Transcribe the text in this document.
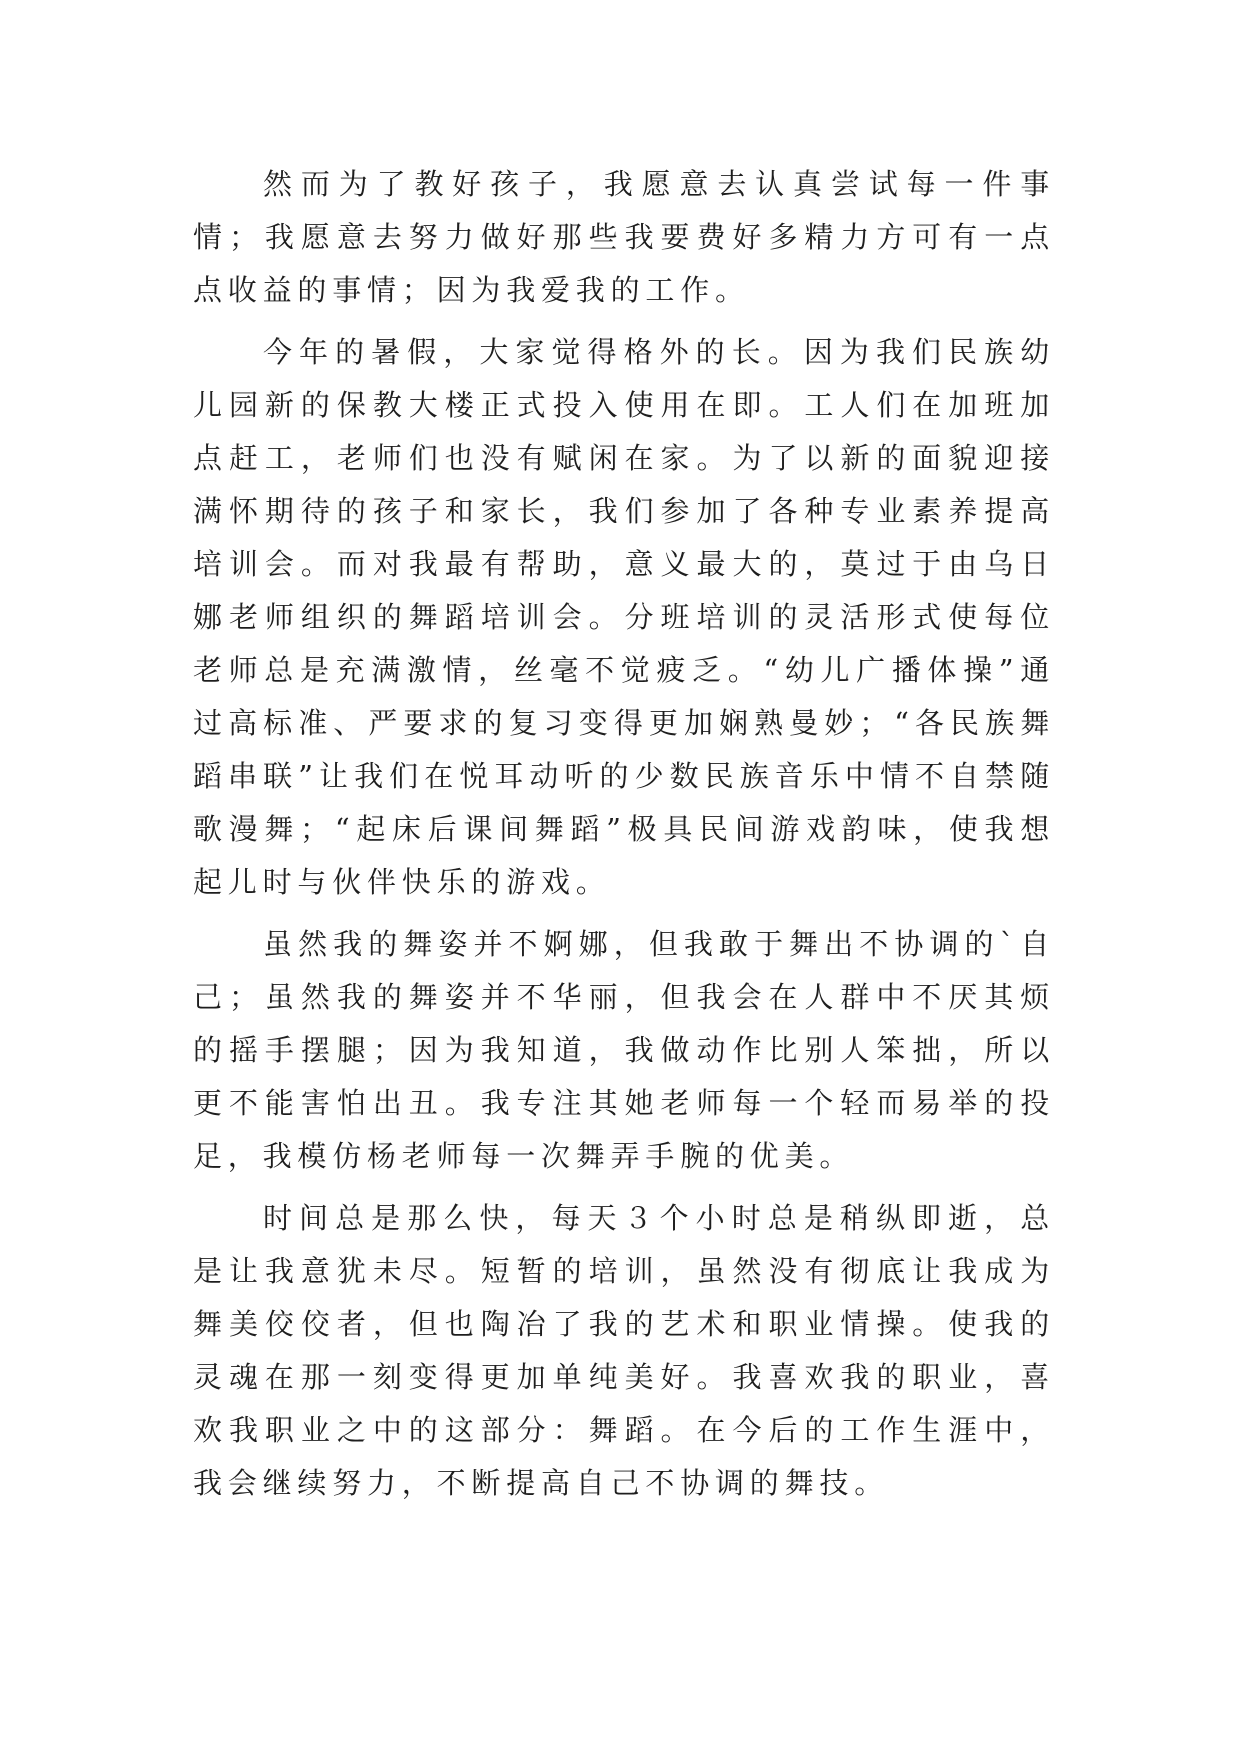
然而为了教好孩子，我愿意去认真尝试每一件事情；我愿意去努力做好那些我要费好多精力方可有一点点收益的事情；因为我爱我的工作。

今年的暑假，大家觉得格外的长。因为我们民族幼儿园新的保教大楼正式投入使用在即。工人们在加班加点赶工，老师们也没有赋闲在家。为了以新的面貌迎接满怀期待的孩子和家长，我们参加了各种专业素养提高培训会。而对我最有帮助，意义最大的，莫过于由乌日娜老师组织的舞蹈培训会。分班培训的灵活形式使每位老师总是充满激情，丝毫不觉疲乏。“幼儿广播体操”通过高标准、严要求的复习变得更加娴熟曼妙；“各民族舞蹈串联”让我们在悦耳动听的少数民族音乐中情不自禁随歌漫舞；“起床后课间舞蹈”极具民间游戏韵味，使我想起儿时与伙伴快乐的游戏。

虽然我的舞姿并不婀娜，但我敢于舞出不协调的`自己；虽然我的舞姿并不华丽，但我会在人群中不厌其烦的摇手摆腿；因为我知道，我做动作比别人笨拙，所以更不能害怕出丑。我专注其她老师每一个轻而易举的投足，我模仿杨老师每一次舞弄手腕的优美。

时间总是那么快，每天３个小时总是稍纵即逝，总是让我意犹未尽。短暂的培训，虽然没有彻底让我成为舞美佼佼者，但也陶冶了我的艺术和职业情操。使我的灵魂在那一刻变得更加单纯美好。我喜欢我的职业，喜欢我职业之中的这部分：舞蹈。在今后的工作生涯中，我会继续努力，不断提高自己不协调的舞技。
